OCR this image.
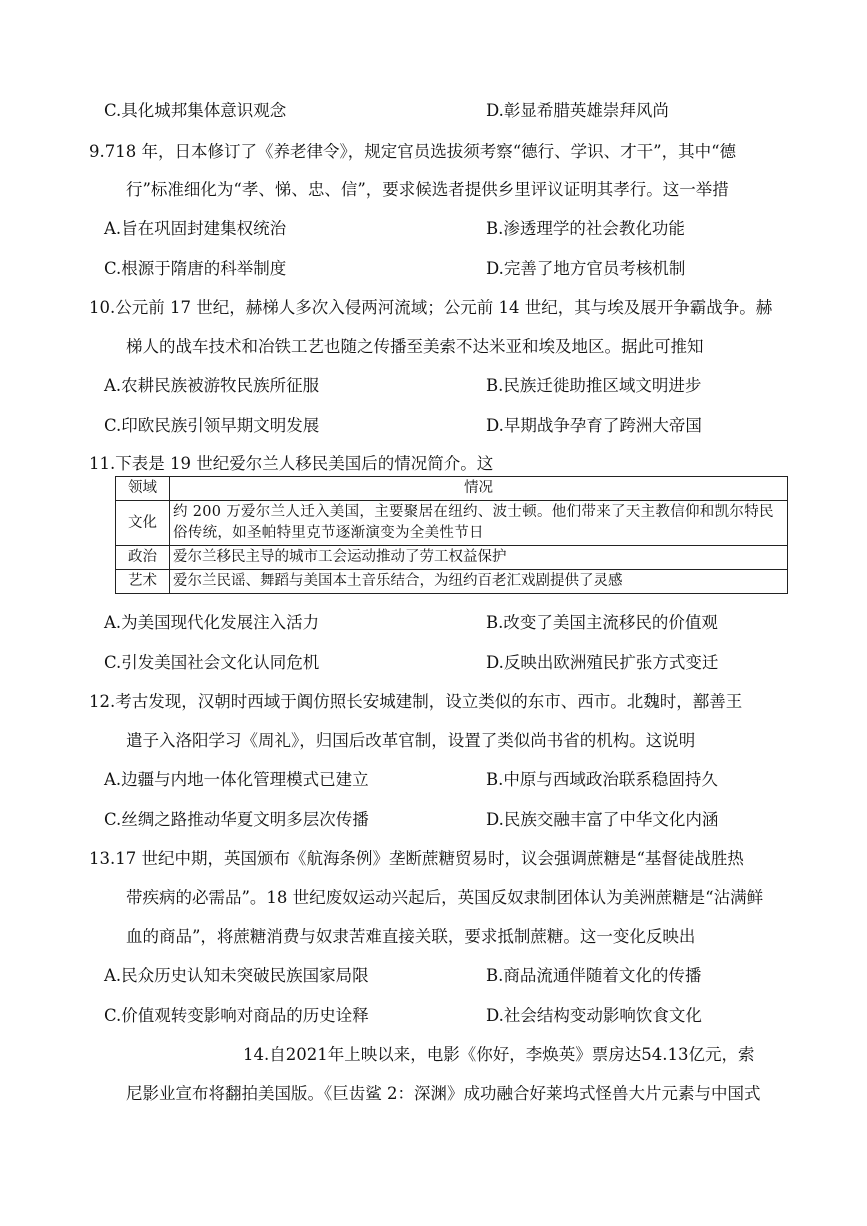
C.具化城邦集体意识观念	D.彰显希腊英雄崇拜风尚
9.718 年，日本修订了《养老律令》，规定官员选拔须考察“德行、学识、才干”，其中“德
行”标准细化为“孝、悌、忠、信”，要求候选者提供乡里评议证明其孝行。这一举措
A.旨在巩固封建集权统治	B.渗透理学的社会教化功能
C.根源于隋唐的科举制度	D.完善了地方官员考核机制
10.公元前 17 世纪，赫梯人多次入侵两河流域；公元前 14 世纪，其与埃及展开争霸战争。赫
梯人的战车技术和冶铁工艺也随之传播至美索不达米亚和埃及地区。据此可推知
A.农耕民族被游牧民族所征服	B.民族迁徙助推区域文明进步
C.印欧民族引领早期文明发展	D.早期战争孕育了跨洲大帝国
11.下表是 19 世纪爱尔兰人移民美国后的情况简介。这
领域	情况
文化	约 200 万爱尔兰人迁入美国，主要聚居在纽约、波士顿。他们带来了天主教信仰和凯尔特民俗传统，如圣帕特里克节逐渐演变为全美性节日
政治	爱尔兰移民主导的城市工会运动推动了劳工权益保护
艺术	爱尔兰民谣、舞蹈与美国本土音乐结合，为纽约百老汇戏剧提供了灵感
A.为美国现代化发展注入活力	B.改变了美国主流移民的价值观
C.引发美国社会文化认同危机	D.反映出欧洲殖民扩张方式变迁
12.考古发现，汉朝时西域于阗仿照长安城建制，设立类似的东市、西市。北魏时，鄯善王
遣子入洛阳学习《周礼》，归国后改革官制，设置了类似尚书省的机构。这说明
A.边疆与内地一体化管理模式已建立	B.中原与西域政治联系稳固持久
C.丝绸之路推动华夏文明多层次传播	D.民族交融丰富了中华文化内涵
13.17 世纪中期，英国颁布《航海条例》垄断蔗糖贸易时，议会强调蔗糖是“基督徒战胜热
带疾病的必需品”。18 世纪废奴运动兴起后，英国反奴隶制团体认为美洲蔗糖是“沾满鲜
血的商品”，将蔗糖消费与奴隶苦难直接关联，要求抵制蔗糖。这一变化反映出
A.民众历史认知未突破民族国家局限	B.商品流通伴随着文化的传播
C.价值观转变影响对商品的历史诠释	D.社会结构变动影响饮食文化
14.自2021年上映以来，电影《你好，李焕英》票房达54.13亿元，索
尼影业宣布将翻拍美国版。《巨齿鲨 2：深渊》成功融合好莱坞式怪兽大片元素与中国式
